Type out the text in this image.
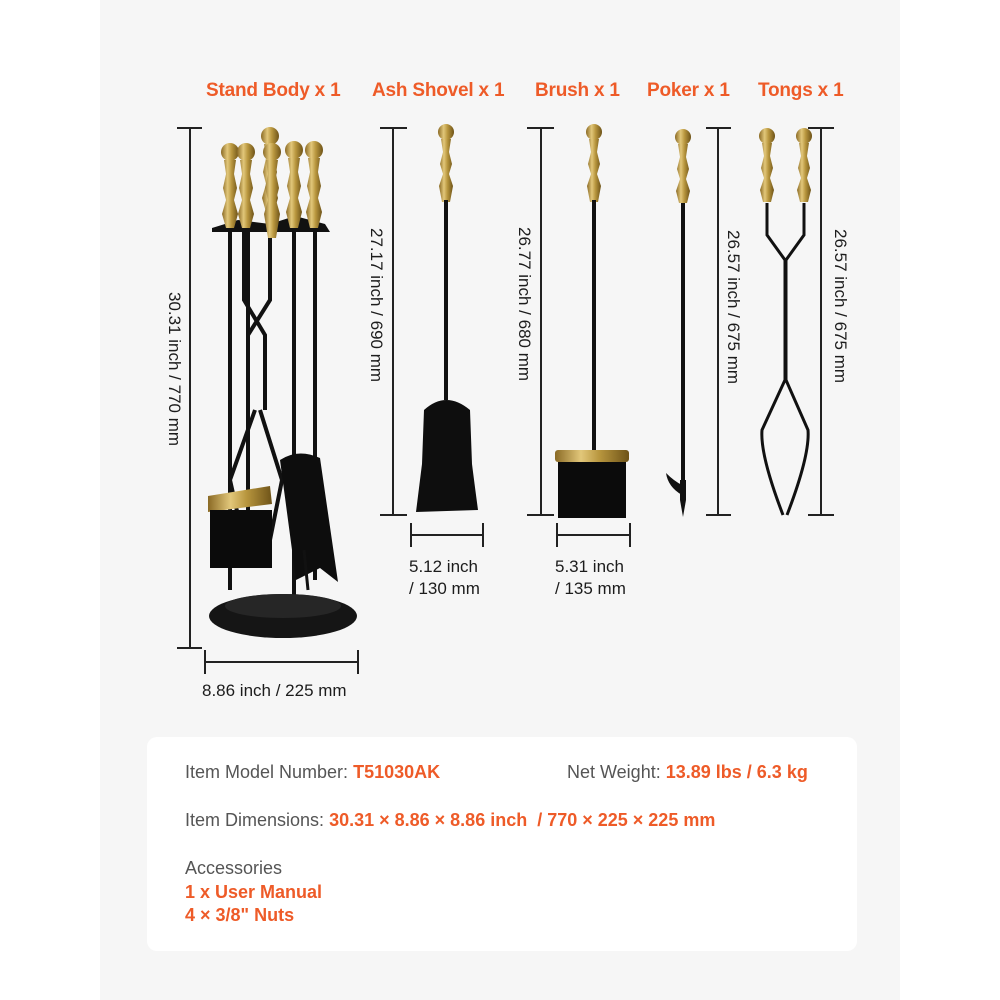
Stand Body x 1 Ash Shovel x 1 Brush x 1 Poker x 1 Tongs x 1
30.31 inch / 770 mm
8.86 inch / 225 mm
27.17 inch / 690 mm
5.12 inch
/ 130 mm
26.77 inch / 680 mm
5.31 inch
/ 135 mm
26.57 inch / 675 mm	26.57 inch / 675 mm
Item Model Number: T51030AK	Net Weight: 13.89 lbs / 6.3 kg
Item Dimensions: 30.31 × 8.86 × 8.86 inch  / 770 × 225 × 225 mm
Accessories
1 x User Manual
4 × 3/8" Nuts
